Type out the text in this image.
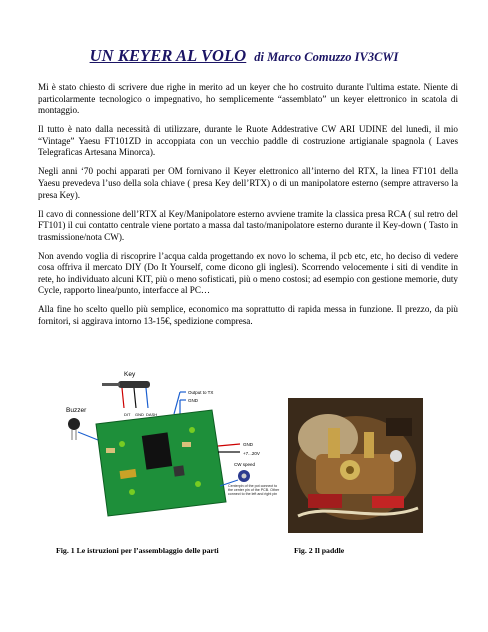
UN KEYER AL VOLO di Marco Comuzzo IV3CWI

Mi è stato chiesto di scrivere due righe in merito ad un keyer che ho costruito durante l'ultima estate. Niente di particolarmente tecnologico o impegnativo, ho semplicemente “assemblato” un keyer elettronico in scatola di montaggio.

Il tutto è nato dalla necessità di utilizzare, durante le Ruote Addestrative CW ARI UDINE del lunedì, il mio “Vintage” Yaesu FT101ZD in accoppiata con un vecchio paddle di costruzione artigianale spagnola ( Laves Telegraficas Artesana Minorca).

Negli anni ‘70 pochi apparati per OM fornivano il Keyer elettronico all’interno del RTX, la linea FT101 della Yaesu prevedeva l’uso della sola chiave ( presa Key dell’RTX) o di un manipolatore esterno (sempre attraverso la presa Key).

Il cavo di connessione dell’RTX al Key/Manipolatore esterno avviene tramite la classica presa RCA ( sul retro del FT101) il cui contatto centrale viene portato a massa dal tasto/manipolatore esterno durante il Key-down ( Tasto in trasmissione/nota CW).

Non avendo voglia di riscoprire l’acqua calda progettando ex novo lo schema, il pcb etc, etc, ho deciso di vedere cosa offriva il mercato DIY (Do It Yourself, come dicono gli inglesi). Scorrendo velocemente i siti di vendite in rete, ho individuato alcuni KIT, più o meno sofisticati, più o meno costosi; ad esempio con gestione memorie, duty Cycle, rapporto linea/punto, interfacce al PC…

Alla fine ho scelto quello più semplice, economico ma soprattutto di rapida messa in funzione. Il prezzo, da più fornitori, si aggirava intorno 13-15€, spedizione compresa.

Key
DIT GND DASH
Output to TX
GND
Buzzer
GND
+7...20V
CW speed
Centerpin of the pot connect to the center pin of the PCB. Other connect to the left and right pin
Fig. 1 Le istruzioni per l’assemblaggio delle parti	Fig. 2 Il paddle
